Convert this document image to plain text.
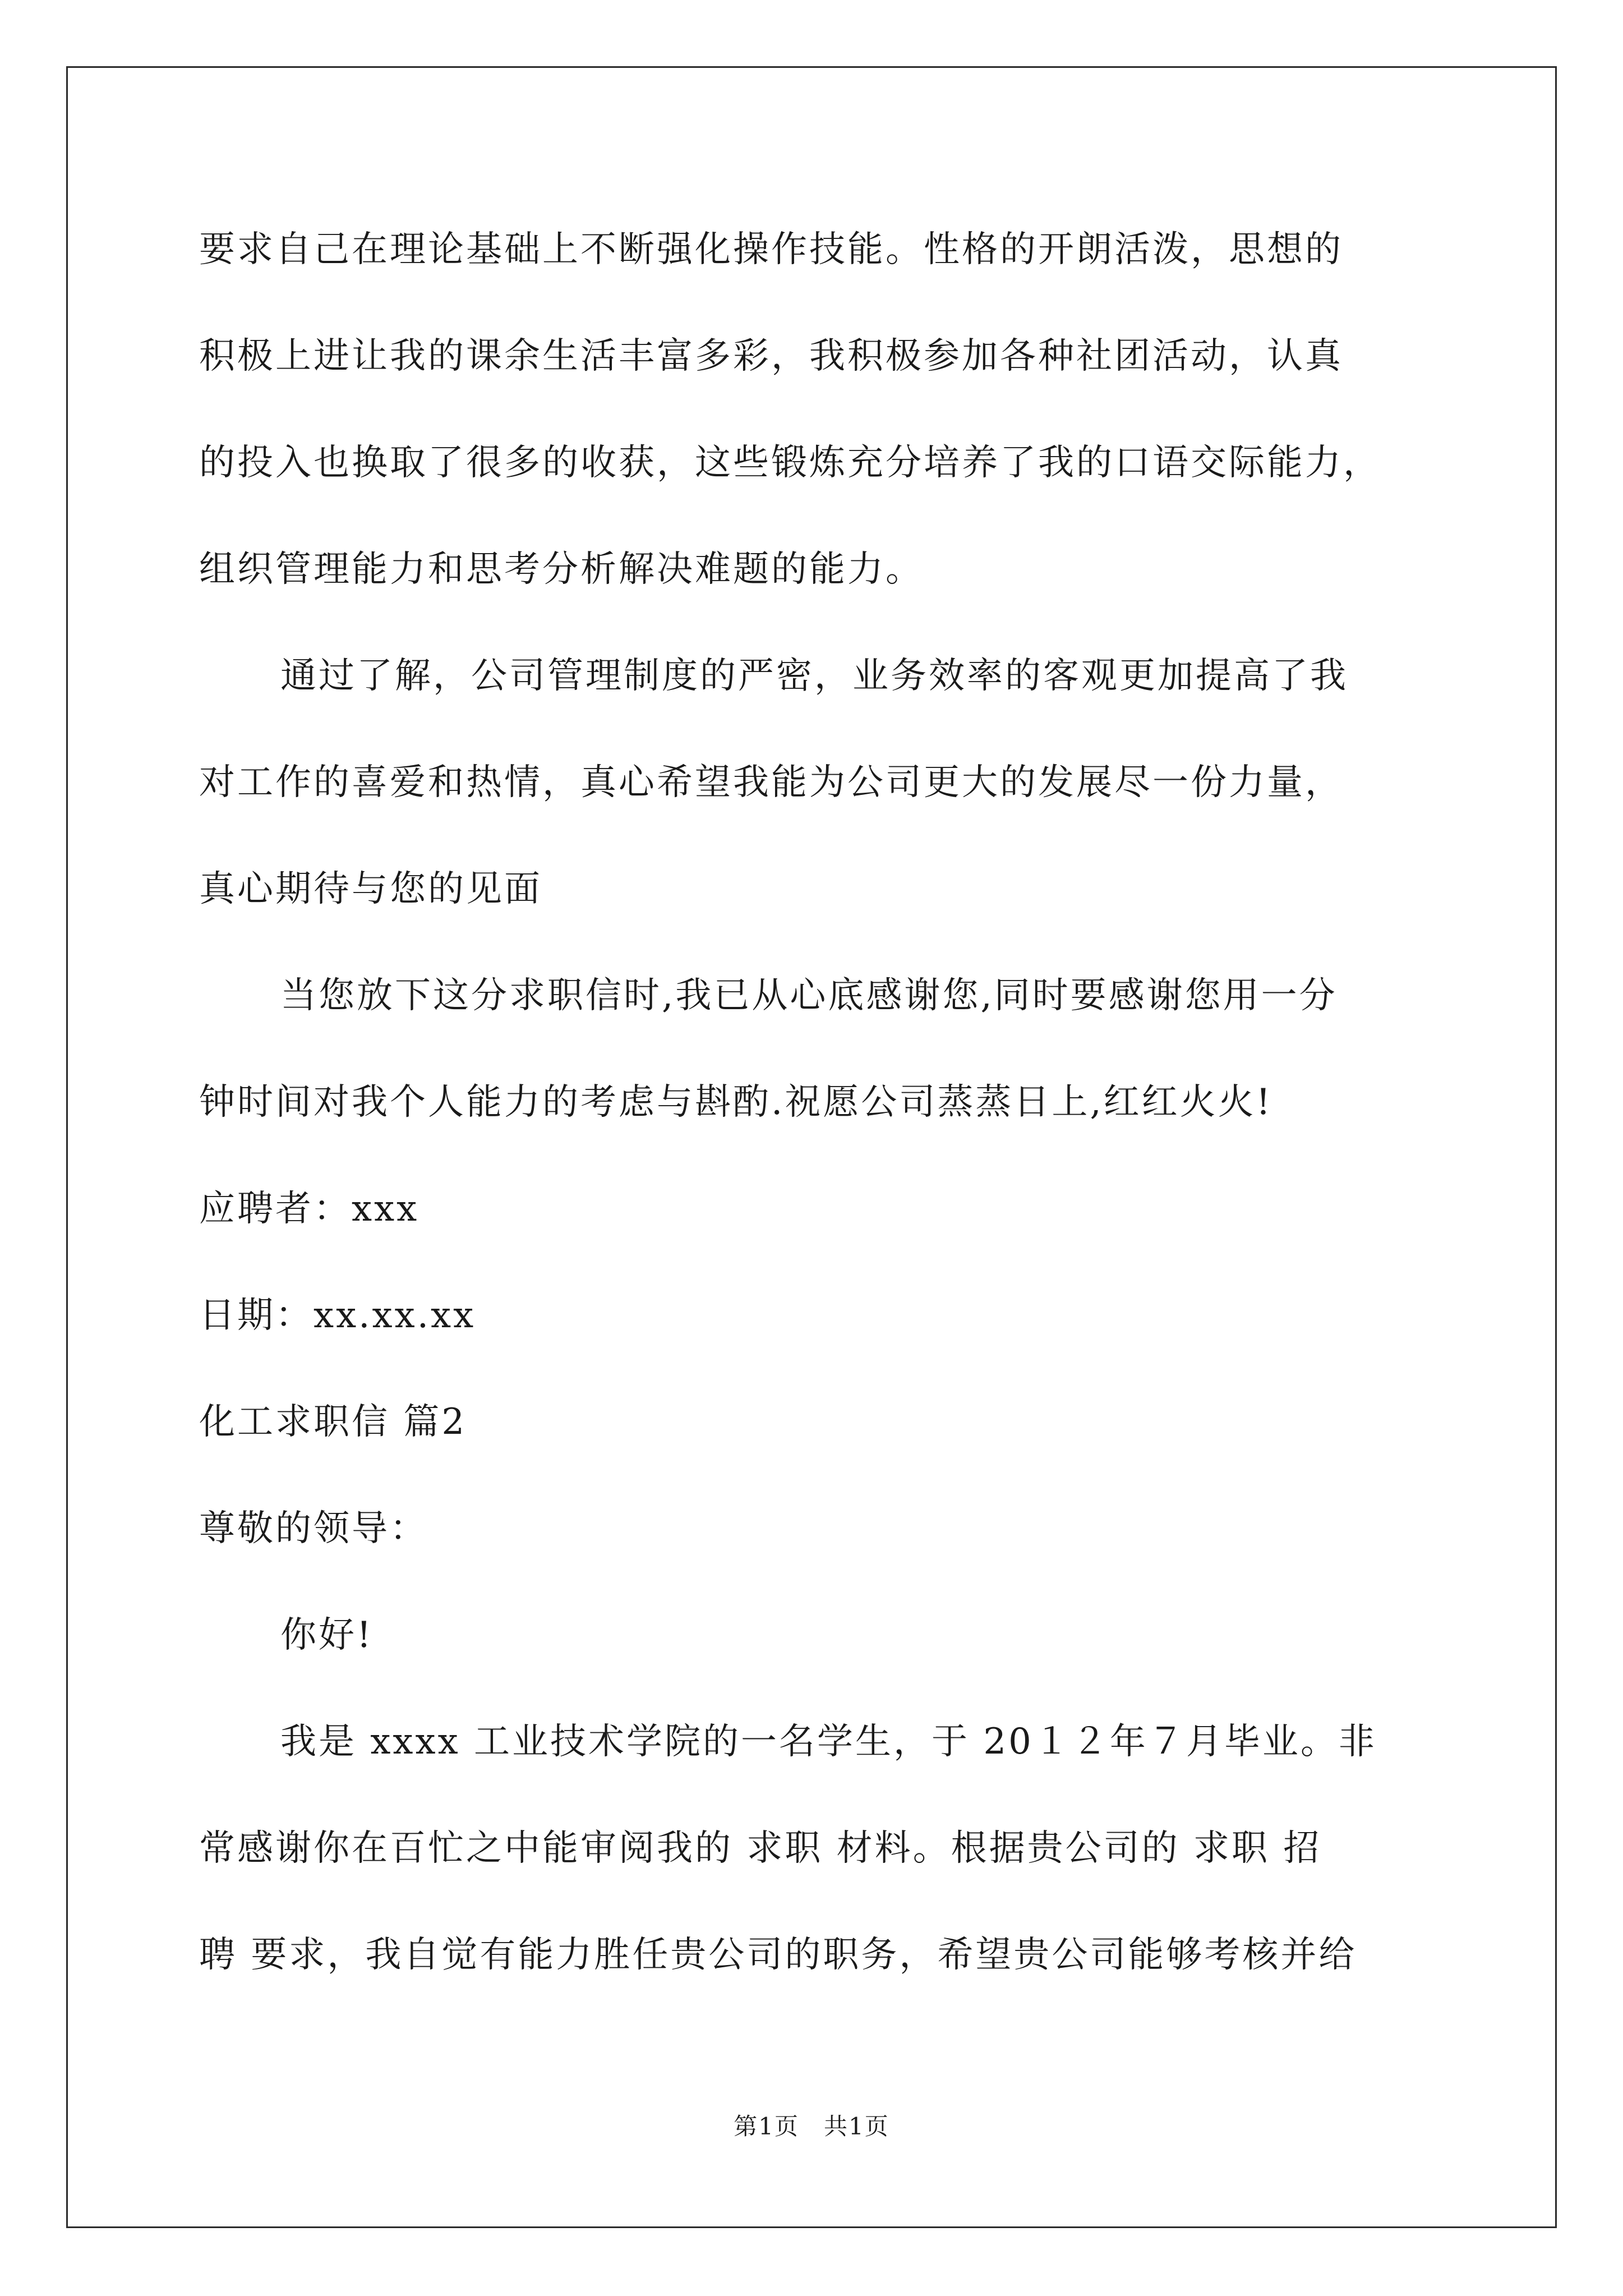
要求自己在理论基础上不断强化操作技能。性格的开朗活泼，思想的
积极上进让我的课余生活丰富多彩，我积极参加各种社团活动，认真
的投入也换取了很多的收获，这些锻炼充分培养了我的口语交际能力，
组织管理能力和思考分析解决难题的能力。
通过了解，公司管理制度的严密，业务效率的客观更加提高了我
对工作的喜爱和热情，真心希望我能为公司更大的发展尽一份力量，
真心期待与您的见面
当您放下这分求职信时,我已从心底感谢您,同时要感谢您用一分
钟时间对我个人能力的考虑与斟酌.祝愿公司蒸蒸日上,红红火火!
应聘者：xxx
日期：xx.xx.xx
化工求职信 篇2
尊敬的领导：
你好!
我是 xxxx 工业技术学院的一名学生，于 20１２年７月毕业。非
常感谢你在百忙之中能审阅我的 求职 材料。根据贵公司的 求职 招
聘 要求，我自觉有能力胜任贵公司的职务，希望贵公司能够考核并给
第1页　共1页
